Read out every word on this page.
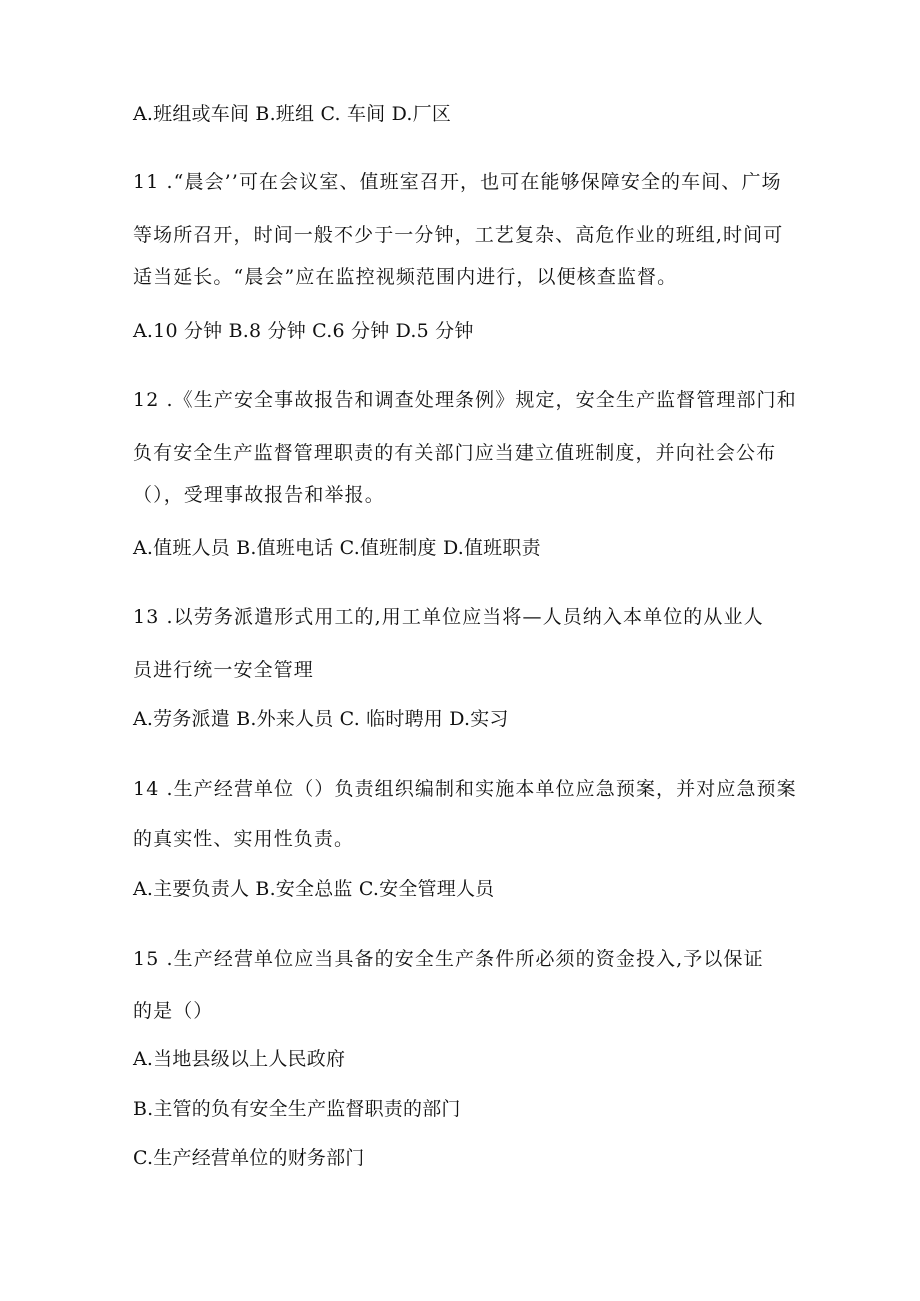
A.班组或车间 B.班组 C. 车间 D.厂区
11 .“晨会’’可在会议室、值班室召开，也可在能够保障安全的车间、广场
等场所召开，时间一般不少于一分钟，工艺复杂、高危作业的班组,时间可
适当延长。“晨会”应在监控视频范围内进行，以便核查监督。
A.10 分钟 B.8 分钟 C.6 分钟 D.5 分钟
12 .《生产安全事故报告和调查处理条例》规定，安全生产监督管理部门和
负有安全生产监督管理职责的有关部门应当建立值班制度，并向社会公布
（），受理事故报告和举报。
A.值班人员 B.值班电话 C.值班制度 D.值班职责
13 .以劳务派遣形式用工的,用工单位应当将—人员纳入本单位的从业人
员进行统一安全管理
A.劳务派遣 B.外来人员 C. 临时聘用 D.实习
14 .生产经营单位（）负责组织编制和实施本单位应急预案，并对应急预案
的真实性、实用性负责。
A.主要负责人 B.安全总监 C.安全管理人员
15 .生产经营单位应当具备的安全生产条件所必须的资金投入,予以保证
的是（）
A.当地县级以上人民政府
B.主管的负有安全生产监督职责的部门
C.生产经营单位的财务部门
